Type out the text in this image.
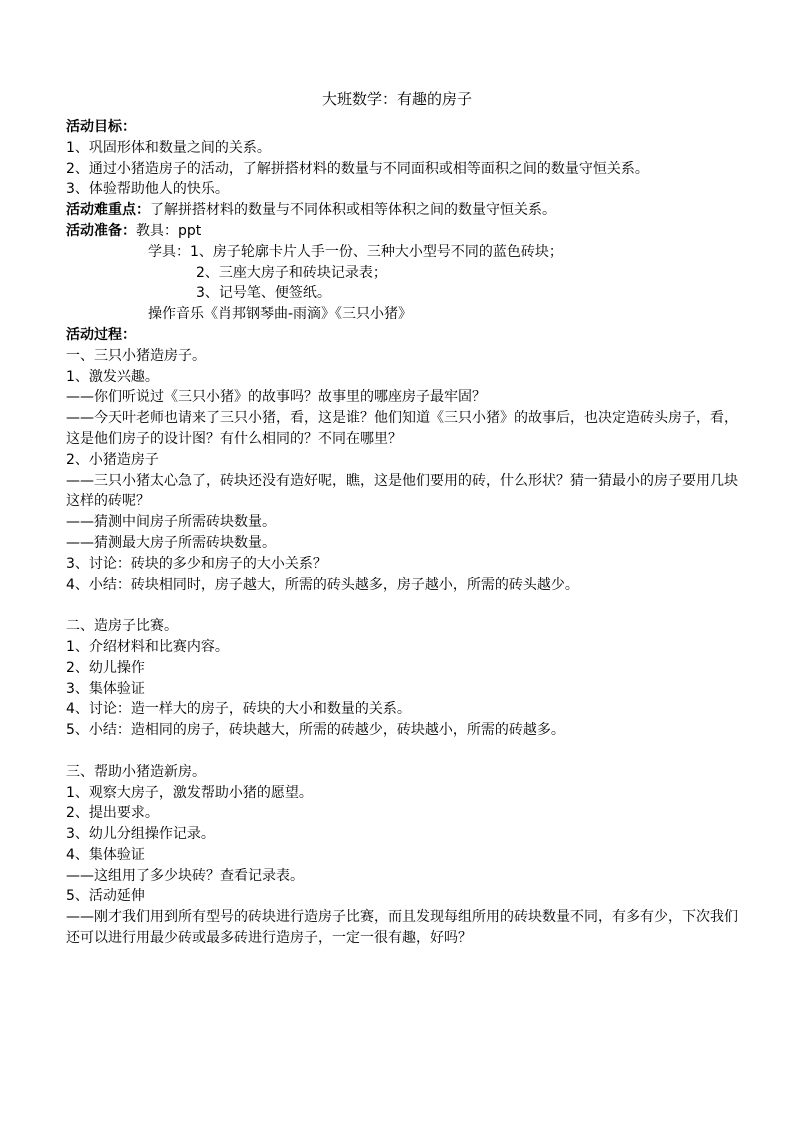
大班数学：有趣的房子
活动目标：
1、巩固形体和数量之间的关系。
2、通过小猪造房子的活动，了解拼搭材料的数量与不同面积或相等面积之间的数量守恒关系。
3、体验帮助他人的快乐。
活动难重点：了解拼搭材料的数量与不同体积或相等体积之间的数量守恒关系。
活动准备：教具：ppt
学具：1、房子轮廓卡片人手一份、三种大小型号不同的蓝色砖块；
2、三座大房子和砖块记录表；
3、记号笔、便签纸。
操作音乐《肖邦钢琴曲-雨滴》《三只小猪》
活动过程：
一、三只小猪造房子。
1、激发兴趣。
——你们听说过《三只小猪》的故事吗？故事里的哪座房子最牢固？
——今天叶老师也请来了三只小猪，看，这是谁？他们知道《三只小猪》的故事后，也决定造砖头房子，看，这是他们房子的设计图？有什么相同的？不同在哪里？
2、小猪造房子
——三只小猪太心急了，砖块还没有造好呢，瞧，这是他们要用的砖，什么形状？猜一猜最小的房子要用几块这样的砖呢？
——猜测中间房子所需砖块数量。
——猜测最大房子所需砖块数量。
3、讨论：砖块的多少和房子的大小关系？
4、小结：砖块相同时，房子越大，所需的砖头越多，房子越小，所需的砖头越少。
二、造房子比赛。
1、介绍材料和比赛内容。
2、幼儿操作
3、集体验证
4、讨论：造一样大的房子，砖块的大小和数量的关系。
5、小结：造相同的房子，砖块越大，所需的砖越少，砖块越小，所需的砖越多。
三、帮助小猪造新房。
1、观察大房子，激发帮助小猪的愿望。
2、提出要求。
3、幼儿分组操作记录。
4、集体验证
——这组用了多少块砖？查看记录表。
5、活动延伸
——刚才我们用到所有型号的砖块进行造房子比赛，而且发现每组所用的砖块数量不同，有多有少，下次我们还可以进行用最少砖或最多砖进行造房子，一定一很有趣，好吗？
